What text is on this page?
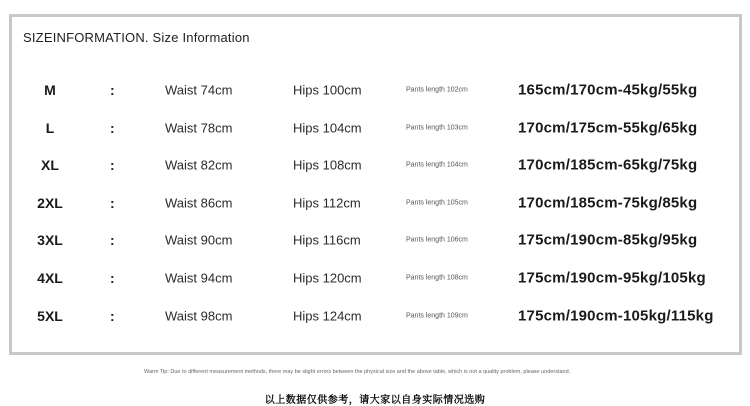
SIZEINFORMATION. Size Information
M	:	Waist 74cm	Hips 100cm	Pants length 102cm	165cm/170cm-45kg/55kg
L	:	Waist 78cm	Hips 104cm	Pants length 103cm	170cm/175cm-55kg/65kg
XL	:	Waist 82cm	Hips 108cm	Pants length 104cm	170cm/185cm-65kg/75kg
2XL	:	Waist 86cm	Hips 112cm	Pants length 105cm	170cm/185cm-75kg/85kg
3XL	:	Waist 90cm	Hips 116cm	Pants length 106cm	175cm/190cm-85kg/95kg
4XL	:	Waist 94cm	Hips 120cm	Pants length 108cm	175cm/190cm-95kg/105kg
5XL	:	Waist 98cm	Hips 124cm	Pants length 109cm	175cm/190cm-105kg/115kg
Warm Tip: Due to different measurement methods, there may be slight errors between the physical size and the above table, which is not a quality problem, please understand.
以上数据仅供参考，请大家以自身实际情况选购
